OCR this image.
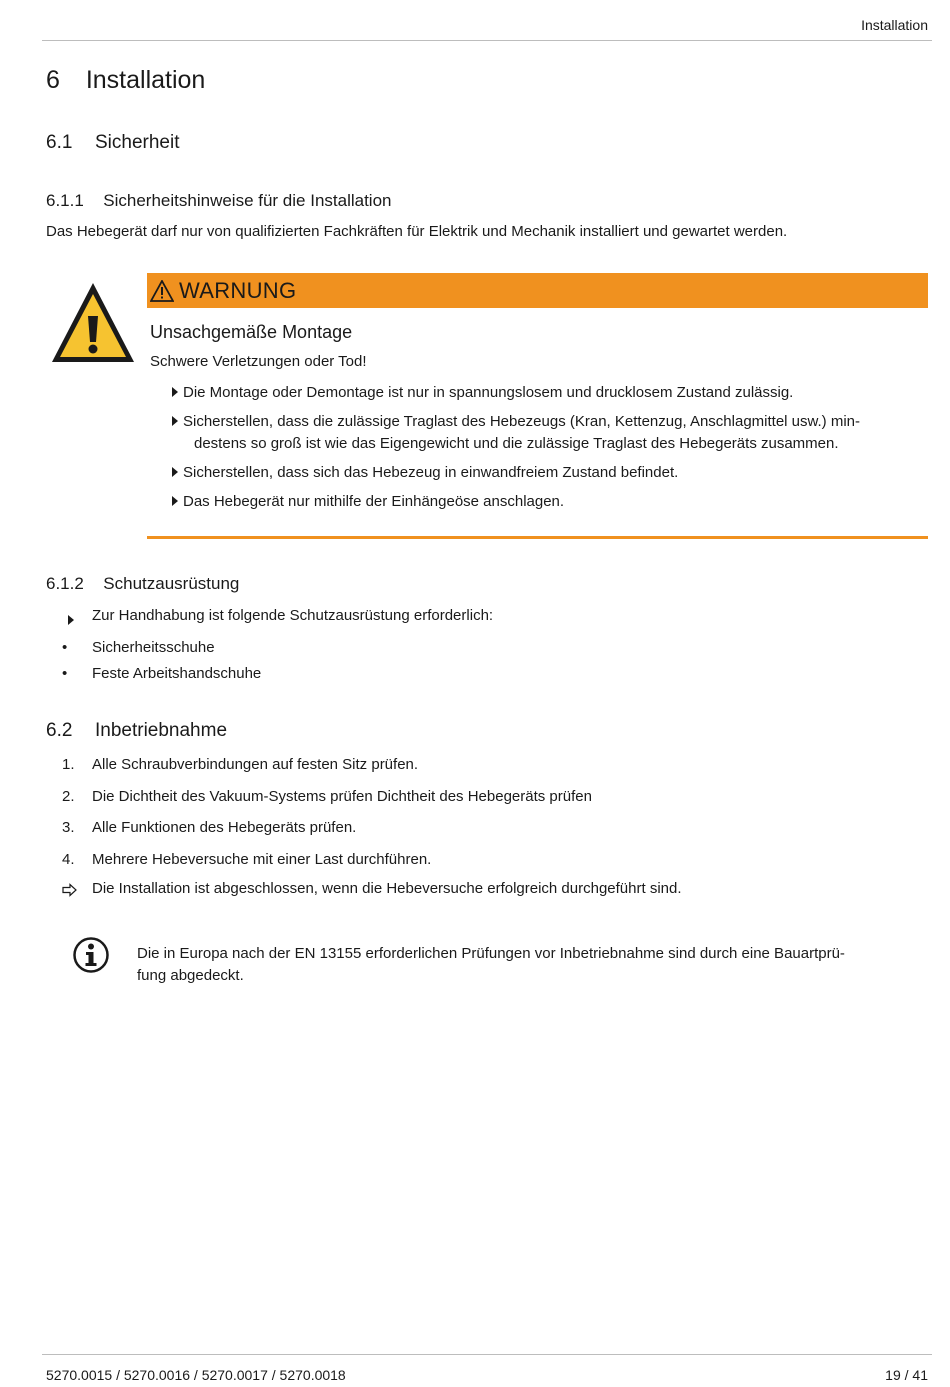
Installation
6 Installation
6.1 Sicherheit
6.1.1 Sicherheitshinweise für die Installation
Das Hebegerät darf nur von qualifizierten Fachkräften für Elektrik und Mechanik installiert und gewartet werden.
WARNUNG
Unsachgemäße Montage
Schwere Verletzungen oder Tod!
Die Montage oder Demontage ist nur in spannungslosem und drucklosem Zustand zulässig.
Sicherstellen, dass die zulässige Traglast des Hebezeugs (Kran, Kettenzug, Anschlagmittel usw.) min-
destens so groß ist wie das Eigengewicht und die zulässige Traglast des Hebegeräts zusammen.
Sicherstellen, dass sich das Hebezeug in einwandfreiem Zustand befindet.
Das Hebegerät nur mithilfe der Einhängeöse anschlagen.
6.1.2 Schutzausrüstung
Zur Handhabung ist folgende Schutzausrüstung erforderlich:
•	Sicherheitsschuhe
•	Feste Arbeitshandschuhe
6.2 Inbetriebnahme
1.	Alle Schraubverbindungen auf festen Sitz prüfen.
2.	Die Dichtheit des Vakuum-Systems prüfen Dichtheit des Hebegeräts prüfen
3.	Alle Funktionen des Hebegeräts prüfen.
4.	Mehrere Hebeversuche mit einer Last durchführen.
Die Installation ist abgeschlossen, wenn die Hebeversuche erfolgreich durchgeführt sind.
Die in Europa nach der EN 13155 erforderlichen Prüfungen vor Inbetriebnahme sind durch eine Bauartprü-
fung abgedeckt.
5270.0015 / 5270.0016 / 5270.0017 / 5270.0018	19 / 41
